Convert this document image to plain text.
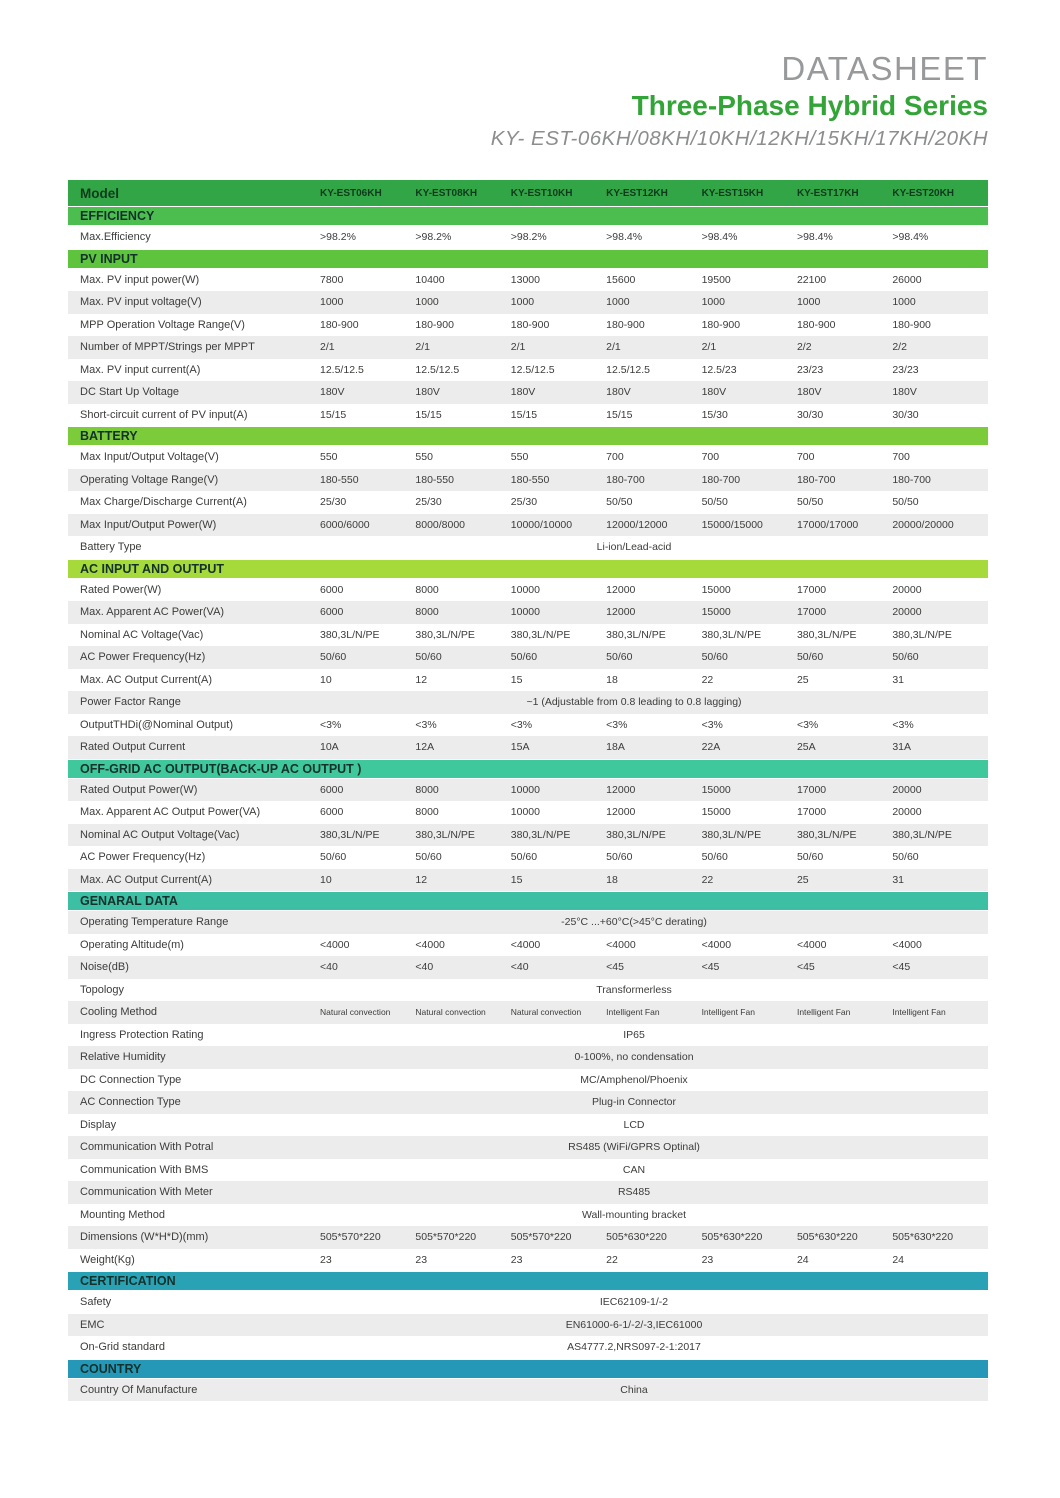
DATASHEET
Three-Phase Hybrid Series
KY- EST-06KH/08KH/10KH/12KH/15KH/17KH/20KH
Model	KY-EST06KH	KY-EST08KH	KY-EST10KH	KY-EST12KH	KY-EST15KH	KY-EST17KH	KY-EST20KH
EFFICIENCY
Max.Efficiency	>98.2%	>98.2%	>98.2%	>98.4%	>98.4%	>98.4%	>98.4%
PV INPUT
Max. PV input power(W)	7800	10400	13000	15600	19500	22100	26000
Max. PV input voltage(V)	1000	1000	1000	1000	1000	1000	1000
MPP Operation Voltage Range(V)	180-900	180-900	180-900	180-900	180-900	180-900	180-900
Number of MPPT/Strings per MPPT	2/1	2/1	2/1	2/1	2/1	2/2	2/2
Max. PV input current(A)	12.5/12.5	12.5/12.5	12.5/12.5	12.5/12.5	12.5/23	23/23	23/23
DC Start Up Voltage	180V	180V	180V	180V	180V	180V	180V
Short-circuit current of PV input(A)	15/15	15/15	15/15	15/15	15/30	30/30	30/30
BATTERY
Max Input/Output Voltage(V)	550	550	550	700	700	700	700
Operating Voltage Range(V)	180-550	180-550	180-550	180-700	180-700	180-700	180-700
Max Charge/Discharge Current(A)	25/30	25/30	25/30	50/50	50/50	50/50	50/50
Max Input/Output Power(W)	6000/6000	8000/8000	10000/10000	12000/12000	15000/15000	17000/17000	20000/20000
Battery Type	Li-ion/Lead-acid
AC INPUT AND OUTPUT
Rated Power(W)	6000	8000	10000	12000	15000	17000	20000
Max. Apparent AC Power(VA)	6000	8000	10000	12000	15000	17000	20000
Nominal AC Voltage(Vac)	380,3L/N/PE	380,3L/N/PE	380,3L/N/PE	380,3L/N/PE	380,3L/N/PE	380,3L/N/PE	380,3L/N/PE
AC Power Frequency(Hz)	50/60	50/60	50/60	50/60	50/60	50/60	50/60
Max. AC Output Current(A)	10	12	15	18	22	25	31
Power Factor Range	~1 (Adjustable from 0.8 leading to 0.8 lagging)
OutputTHDi(@Nominal Output)	<3%	<3%	<3%	<3%	<3%	<3%	<3%
Rated Output Current	10A	12A	15A	18A	22A	25A	31A
OFF-GRID AC OUTPUT(BACK-UP AC OUTPUT )
Rated Output Power(W)	6000	8000	10000	12000	15000	17000	20000
Max. Apparent AC Output Power(VA)	6000	8000	10000	12000	15000	17000	20000
Nominal AC Output Voltage(Vac)	380,3L/N/PE	380,3L/N/PE	380,3L/N/PE	380,3L/N/PE	380,3L/N/PE	380,3L/N/PE	380,3L/N/PE
AC Power Frequency(Hz)	50/60	50/60	50/60	50/60	50/60	50/60	50/60
Max. AC Output Current(A)	10	12	15	18	22	25	31
GENARAL DATA
Operating Temperature Range	-25°C ...+60°C(>45°C derating)
Operating Altitude(m)	<4000	<4000	<4000	<4000	<4000	<4000	<4000
Noise(dB)	<40	<40	<40	<45	<45	<45	<45
Topology	Transformerless
Cooling Method	Natural convection	Natural convection	Natural convection	Intelligent Fan	Intelligent Fan	Intelligent Fan	Intelligent Fan
Ingress Protection Rating	IP65
Relative Humidity	0-100%, no condensation
DC Connection Type	MC/Amphenol/Phoenix
AC Connection Type	Plug-in Connector
Display	LCD
Communication With Potral	RS485 (WiFi/GPRS Optinal)
Communication With BMS	CAN
Communication With Meter	RS485
Mounting Method	Wall-mounting bracket
Dimensions (W*H*D)(mm)	505*570*220	505*570*220	505*570*220	505*630*220	505*630*220	505*630*220	505*630*220
Weight(Kg)	23	23	23	22	23	24	24
CERTIFICATION
Safety	IEC62109-1/-2
EMC	EN61000-6-1/-2/-3,IEC61000
On-Grid standard	AS4777.2,NRS097-2-1:2017
COUNTRY
Country Of Manufacture	China
